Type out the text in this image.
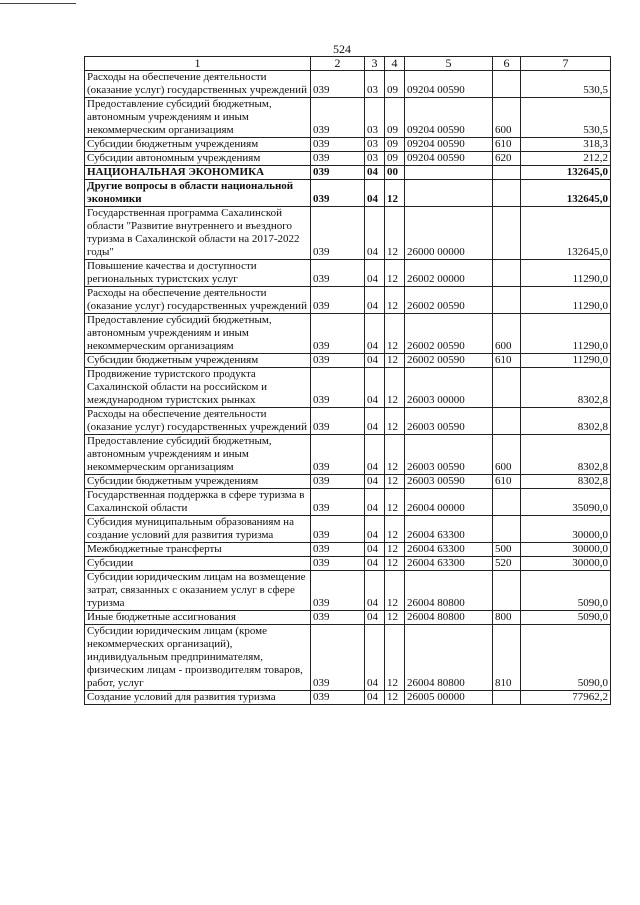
524
1	2	3	4	5	6	7
Расходы на обеспечение деятельности (оказание услуг) государственных учреждений	039	03	09	09204 00590		530,5
Предоставление субсидий бюджетным, автономным учреждениям и иным некоммерческим организациям	039	03	09	09204 00590	600	530,5
Субсидии бюджетным учреждениям	039	03	09	09204 00590	610	318,3
Субсидии автономным учреждениям	039	03	09	09204 00590	620	212,2
НАЦИОНАЛЬНАЯ ЭКОНОМИКА	039	04	00			132645,0
Другие вопросы в области национальной экономики	039	04	12			132645,0
Государственная программа Сахалинской области "Развитие внутреннего и въездного туризма в Сахалинской области на 2017-2022 годы"	039	04	12	26000 00000		132645,0
Повышение качества и доступности региональных туристских услуг	039	04	12	26002 00000		11290,0
Расходы на обеспечение деятельности (оказание услуг) государственных учреждений	039	04	12	26002 00590		11290,0
Предоставление субсидий бюджетным, автономным учреждениям и иным некоммерческим организациям	039	04	12	26002 00590	600	11290,0
Субсидии бюджетным учреждениям	039	04	12	26002 00590	610	11290,0
Продвижение туристского продукта Сахалинской области на российском и международном туристских рынках	039	04	12	26003 00000		8302,8
Расходы на обеспечение деятельности (оказание услуг) государственных учреждений	039	04	12	26003 00590		8302,8
Предоставление субсидий бюджетным, автономным учреждениям и иным некоммерческим организациям	039	04	12	26003 00590	600	8302,8
Субсидии бюджетным учреждениям	039	04	12	26003 00590	610	8302,8
Государственная поддержка в сфере туризма в Сахалинской области	039	04	12	26004 00000		35090,0
Субсидия муниципальным образованиям на создание условий для развития туризма	039	04	12	26004 63300		30000,0
Межбюджетные трансферты	039	04	12	26004 63300	500	30000,0
Субсидии	039	04	12	26004 63300	520	30000,0
Субсидии юридическим лицам на возмещение затрат, связанных с оказанием услуг в сфере туризма	039	04	12	26004 80800		5090,0
Иные бюджетные ассигнования	039	04	12	26004 80800	800	5090,0
Субсидии юридическим лицам (кроме некоммерческих организаций), индивидуальным предпринимателям, физическим лицам - производителям товаров, работ, услуг	039	04	12	26004 80800	810	5090,0
Создание условий для развития туризма	039	04	12	26005 00000		77962,2
